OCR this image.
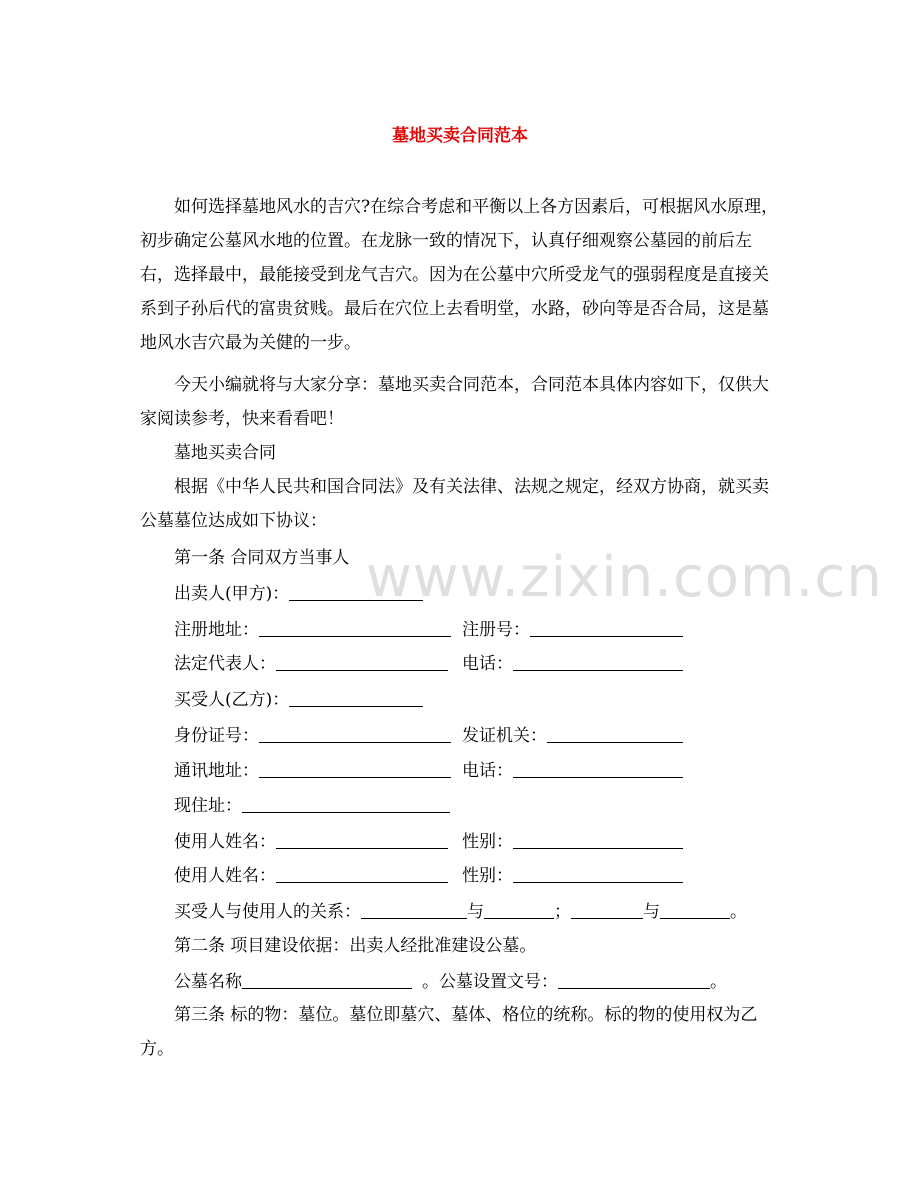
墓地买卖合同范本

如何选择墓地风水的吉穴?在综合考虑和平衡以上各方因素后，可根据风水原理，初步确定公墓风水地的位置。在龙脉一致的情况下，认真仔细观察公墓园的前后左右，选择最中，最能接受到龙气吉穴。因为在公墓中穴所受龙气的强弱程度是直接关系到子孙后代的富贵贫贱。最后在穴位上去看明堂，水路，砂向等是否合局，这是墓地风水吉穴最为关健的一步。

今天小编就将与大家分享：墓地买卖合同范本，合同范本具体内容如下，仅供大家阅读参考，快来看看吧！

墓地买卖合同

根据《中华人民共和国合同法》及有关法律、法规之规定，经双方协商，就买卖公墓墓位达成如下协议：

第一条 合同双方当事人
出卖人(甲方)：
注册地址：	注册号：
法定代表人：	电话：
买受人(乙方)：
身份证号：	发证机关：
通讯地址：	电话：
现住址：
使用人姓名：	性别：
使用人姓名：	性别：
买受人与使用人的关系：	与	；	与	。
第二条 项目建设依据：出卖人经批准建设公墓。
公墓名称	。公墓设置文号：	。

第三条 标的物：墓位。墓位即墓穴、墓体、格位的统称。标的物的使用权为乙方。

www.zixin.com.cn
